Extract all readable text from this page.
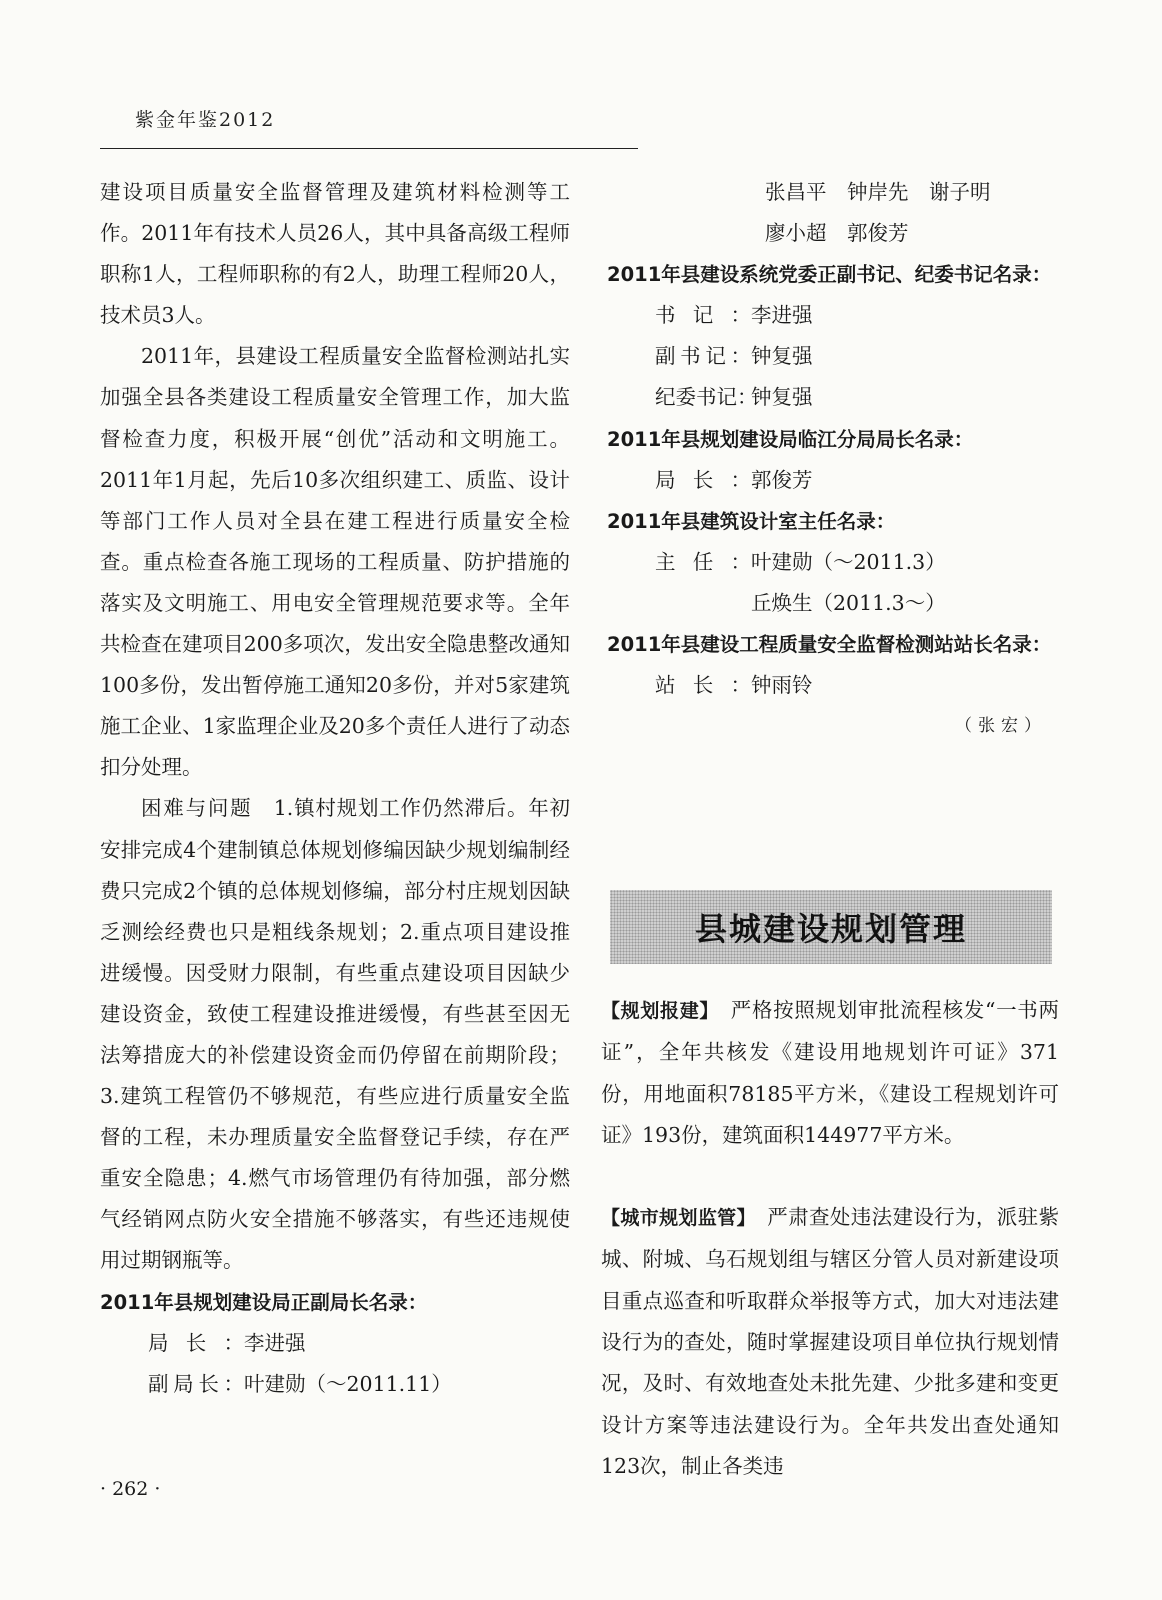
紫金年鉴2012

建设项目质量安全监督管理及建筑材料检测等工作。2011年有技术人员26人，其中具备高级工程师职称1人，工程师职称的有2人，助理工程师20人，技术员3人。

2011年，县建设工程质量安全监督检测站扎实加强全县各类建设工程质量安全管理工作，加大监督检查力度，积极开展“创优”活动和文明施工。2011年1月起，先后10多次组织建工、质监、设计等部门工作人员对全县在建工程进行质量安全检查。重点检查各施工现场的工程质量、防护措施的落实及文明施工、用电安全管理规范要求等。全年共检查在建项目200多项次，发出安全隐患整改通知100多份，发出暂停施工通知20多份，并对5家建筑施工企业、1家监理企业及20多个责任人进行了动态扣分处理。

困难与问题　 1.镇村规划工作仍然滞后。年初安排完成4个建制镇总体规划修编因缺少规划编制经费只完成2个镇的总体规划修编，部分村庄规划因缺乏测绘经费也只是粗线条规划；2.重点项目建设推进缓慢。因受财力限制，有些重点建设项目因缺少建设资金，致使工程建设推进缓慢，有些甚至因无法筹措庞大的补偿建设资金而仍停留在前期阶段；3.建筑工程管仍不够规范，有些应进行质量安全监督的工程，未办理质量安全监督登记手续，存在严重安全隐患；4.燃气市场管理仍有待加强，部分燃气经销网点防火安全措施不够落实，有些还违规使用过期钢瓶等。

2011年县规划建设局正副局长名录：

局长：李进强

副局长：叶建勋（～2011.11）

张昌平　钟岸先　谢子明

廖小超　郭俊芳

2011年县建设系统党委正副书记、纪委书记名录：

书记：李进强

副书记：钟复强

纪委书记：钟复强

2011年县规划建设局临江分局局长名录：

局长：郭俊芳

2011年县建筑设计室主任名录：

主任：叶建勋（～2011.3）

丘焕生（2011.3～）

2011年县建设工程质量安全监督检测站站长名录：

站长：钟雨铃

（张宏）

县城建设规划管理

【规划报建】　 严格按照规划审批流程核发“一书两证”，全年共核发《建设用地规划许可证》371份，用地面积78185平方米，《建设工程规划许可证》193份，建筑面积144977平方米。

【城市规划监管】　 严肃查处违法建设行为，派驻紫城、附城、乌石规划组与辖区分管人员对新建设项目重点巡查和听取群众举报等方式，加大对违法建设行为的查处，随时掌握建设项目单位执行规划情况，及时、有效地查处未批先建、少批多建和变更设计方案等违法建设行为。全年共发出查处通知123次，制止各类违

· 262 ·
